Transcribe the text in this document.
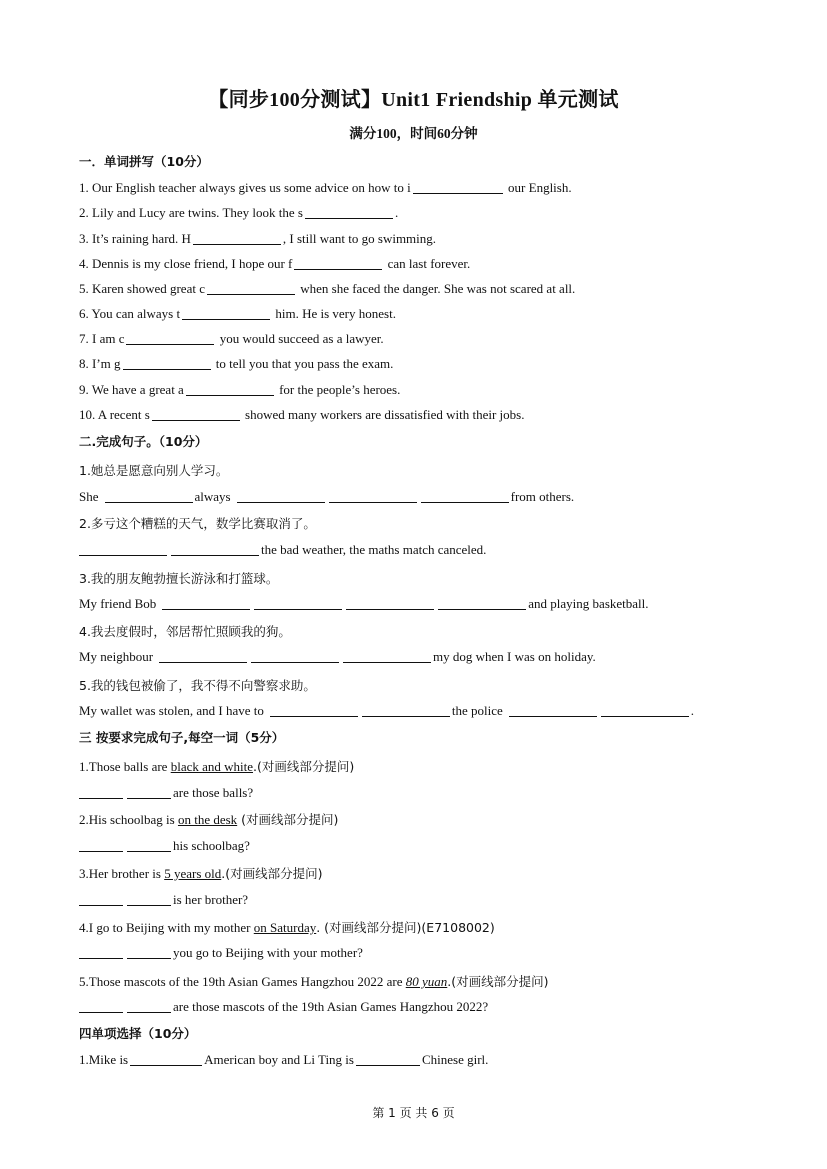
【同步100分测试】Unit1 Friendship 单元测试
满分100，时间60分钟
一．单词拼写（10分）
1. Our English teacher always gives us some advice on how to i	our English.
2. Lily and Lucy are twins. They look the s	.
3. It’s raining hard. H	, I still want to go swimming.
4. Dennis is my close friend, I hope our f	can last forever.
5. Karen showed great c	when she faced the danger. She was not scared at all.
6. You can always t	him. He is very honest.
7. I am c	you would succeed as a lawyer.
8. I’m g	to tell you that you pass the exam.
9. We have a great a	for the people’s heroes.
10. A recent s	showed many workers are dissatisfied with their jobs.
二.完成句子。（10分）
1.她总是愿意向别人学习。
She	always	from others.
2.多亏这个糟糕的天气，数学比赛取消了。
the bad weather, the maths match canceled.
3.我的朋友鲍勃擅长游泳和打篮球。
My friend Bob	and playing basketball.
4.我去度假时，邻居帮忙照顾我的狗。
My neighbour	my dog when I was on holiday.
5.我的钱包被偷了，我不得不向警察求助。
My wallet was stolen, and I have to	the police	.
三 按要求完成句子,每空一词（5分）
1.Those balls are black and white.(对画线部分提问)
are those balls?
2.His schoolbag is on the desk (对画线部分提问)
his schoolbag?
3.Her brother is 5 years old.(对画线部分提问)
is her brother?
4.I go to Beijing with my mother on Saturday. (对画线部分提问)(E7108002)
you go to Beijing with your mother?
5.Those mascots of the 19th Asian Games Hangzhou 2022 are 80 yuan.(对画线部分提问)
are those mascots of the 19th Asian Games Hangzhou 2022?
四单项选择（10分）
1.Mike is	American boy and Li Ting is	Chinese girl.
第 1 页 共 6 页
